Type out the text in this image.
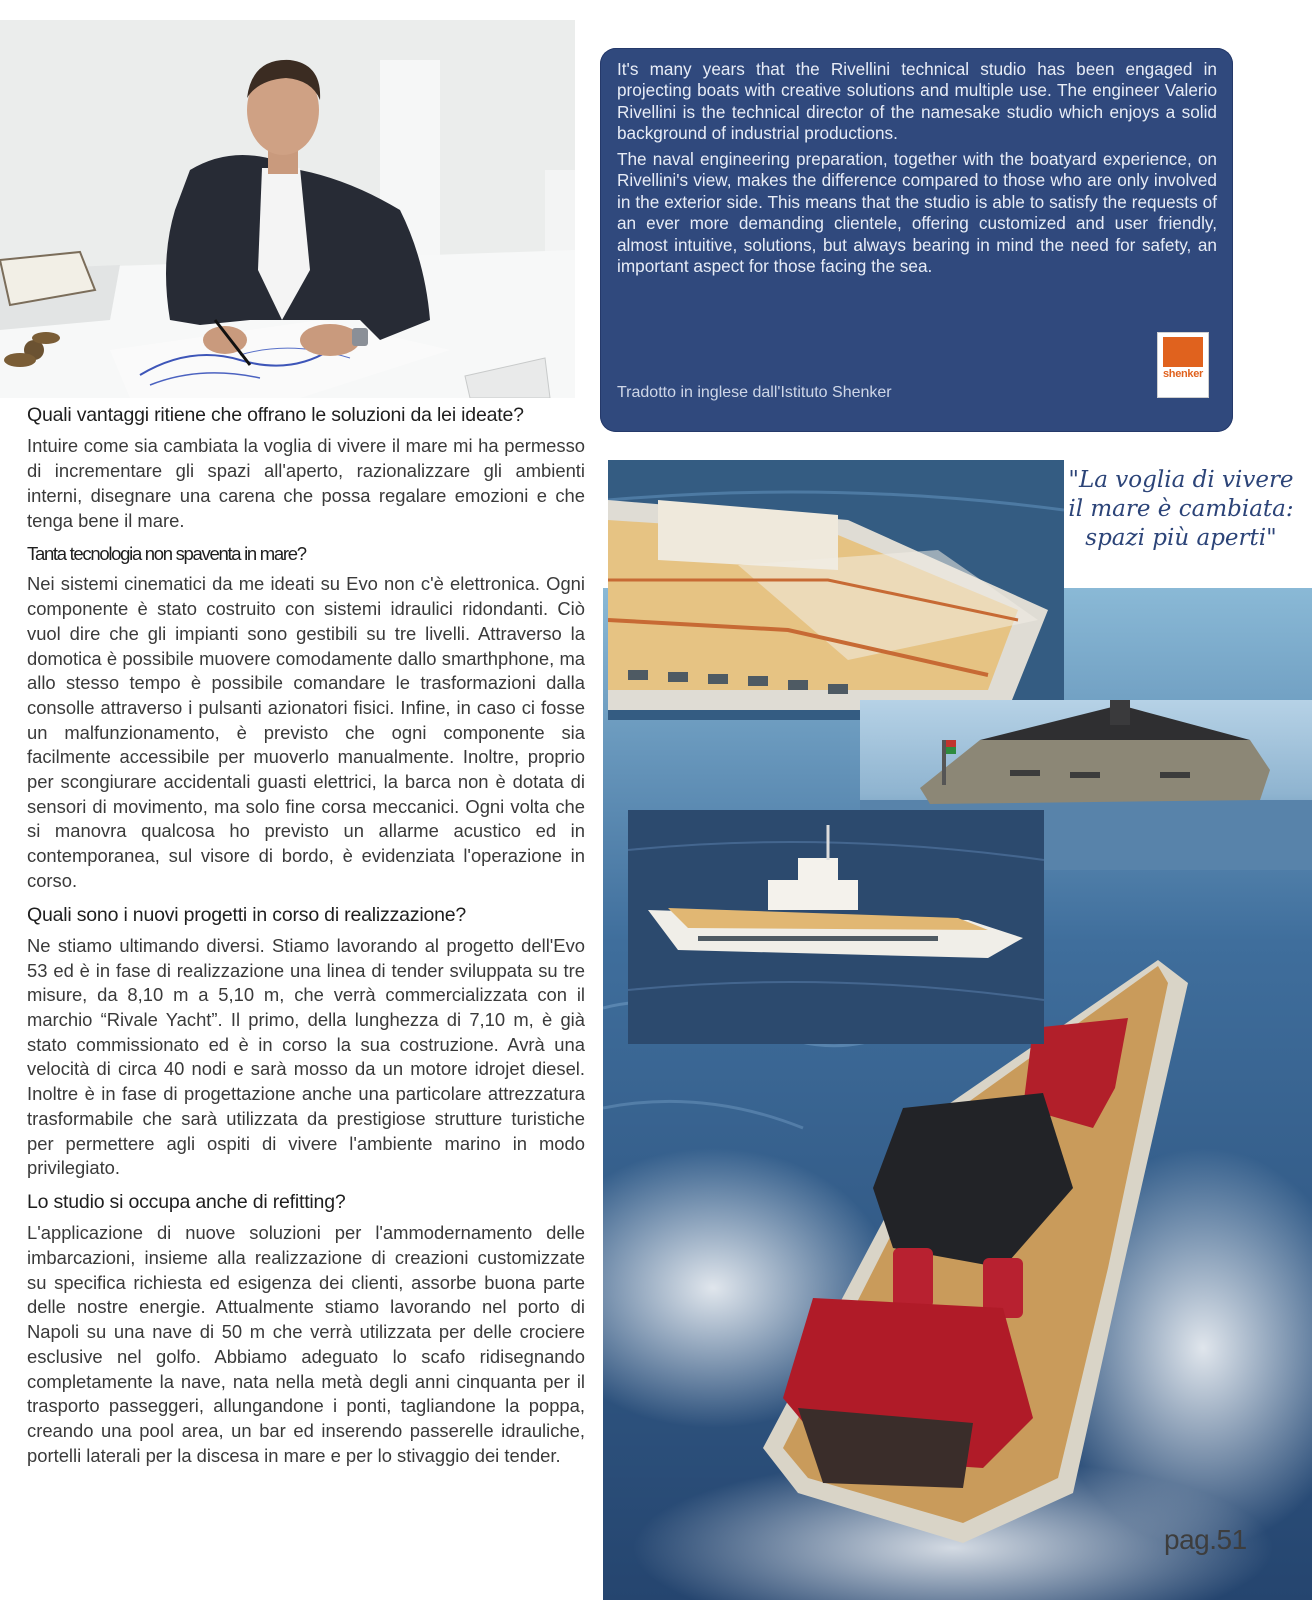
It's many years that the Rivellini technical studio has been engaged in projecting boats with creative solutions and multiple use. The engineer Valerio Rivellini is the technical director of the namesake studio which enjoys a solid background of industrial productions.

The naval engineering preparation, together with the boatyard experience, on Rivellini's view, makes the difference compared to those who are only involved in the exterior side. This means that the studio is able to satisfy the requests of an ever more demanding clientele, offering customized and user friendly, almost intuitive, solutions, but always bearing in mind the need for safety, an important aspect for those facing the sea.

Tradotto in inglese dall'Istituto Shenker
shenker
Quali vantaggi ritiene che offrano le soluzioni da lei ideate?

Intuire come sia cambiata la voglia di vivere il mare mi ha permesso di incrementare gli spazi all'aperto, razionalizzare gli ambienti interni, disegnare una carena che possa regalare emozioni e che tenga bene il mare.

Tanta tecnologia non spaventa in mare?

Nei sistemi cinematici da me ideati su Evo non c'è elettronica. Ogni componente è stato costruito con sistemi idraulici ridondanti. Ciò vuol dire che gli impianti sono gestibili su tre livelli. Attraverso la domotica è possibile muovere comodamente dallo smarthphone, ma allo stesso tempo è possibile comandare le trasformazioni dalla consolle attraverso i pulsanti azionatori fisici. Infine, in caso ci fosse un malfunzionamento, è previsto che ogni componente sia facilmente accessibile per muoverlo manualmente. Inoltre, proprio per scongiurare accidentali guasti elettrici, la barca non è dotata di sensori di movimento, ma solo fine corsa meccanici. Ogni volta che si manovra qualcosa ho previsto un allarme acustico ed in contemporanea, sul visore di bordo, è evidenziata l'operazione in corso.

Quali sono i nuovi progetti in corso di realizzazione?

Ne stiamo ultimando diversi. Stiamo lavorando al progetto dell'Evo 53 ed è in fase di realizzazione una linea di tender sviluppata su tre misure, da 8,10 m a 5,10 m, che verrà commercializzata con il marchio “Rivale Yacht”. Il primo, della lunghezza di 7,10 m, è già stato commissionato ed è in corso la sua costruzione. Avrà una velocità di circa 40 nodi e sarà mosso da un motore idrojet diesel. Inoltre è in fase di progettazione anche una particolare attrezzatura trasformabile che sarà utilizzata da prestigiose strutture turistiche per permettere agli ospiti di vivere l'ambiente marino in modo privilegiato.

Lo studio si occupa anche di refitting?

L'applicazione di nuove soluzioni per l'ammodernamento delle imbarcazioni, insieme alla realizzazione di creazioni customizzate su specifica richiesta ed esigenza dei clienti, assorbe buona parte delle nostre energie. Attualmente stiamo lavorando nel porto di Napoli su una nave di 50 m che verrà utilizzata per delle crociere esclusive nel golfo. Abbiamo adeguato lo scafo ridisegnando completamente la nave, nata nella metà degli anni cinquanta per il trasporto passeggeri, allungandone i ponti, tagliandone la poppa, creando una pool area, un bar ed inserendo passerelle idrauliche, portelli laterali per la discesa in mare e per lo stivaggio dei tender.

"La voglia di vivere
il mare è cambiata:
spazi più aperti"
pag.51
